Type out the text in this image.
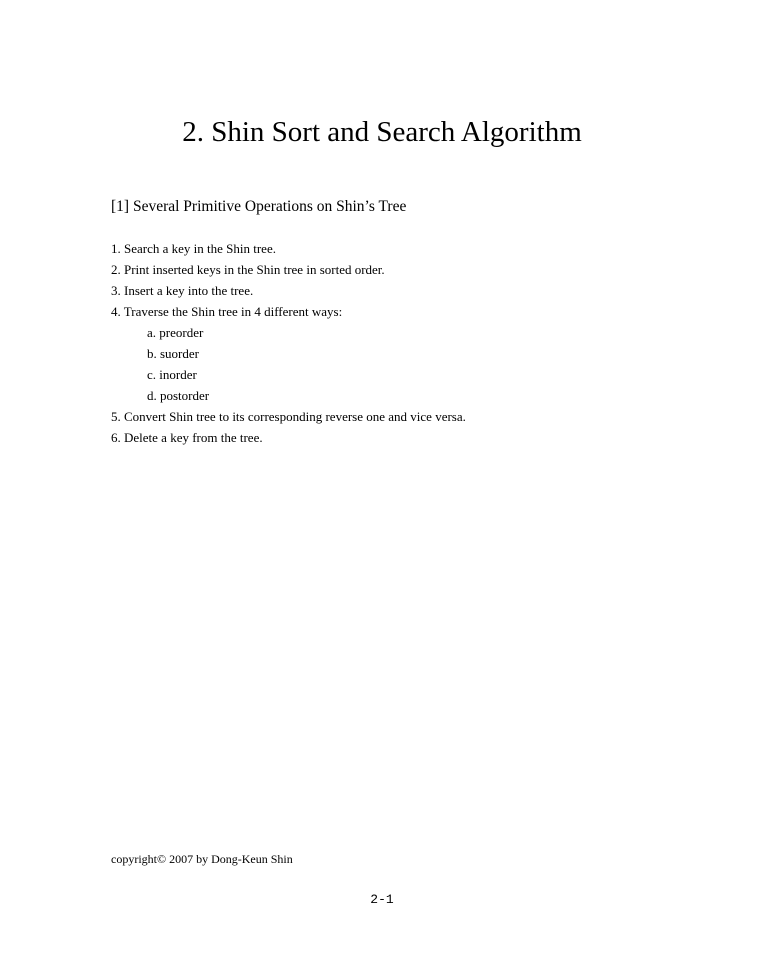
2. Shin Sort and Search Algorithm
[1] Several Primitive Operations on Shin’s Tree
1. Search a key in the Shin tree.
2. Print inserted keys in the Shin tree in sorted order.
3. Insert a key into the tree.
4. Traverse the Shin tree in 4 different ways:
a. preorder
b. suorder
c. inorder
d. postorder
5. Convert Shin tree to its corresponding reverse one and vice versa.
6. Delete a key from the tree.

copyright© 2007 by Dong-Keun Shin

2-1
